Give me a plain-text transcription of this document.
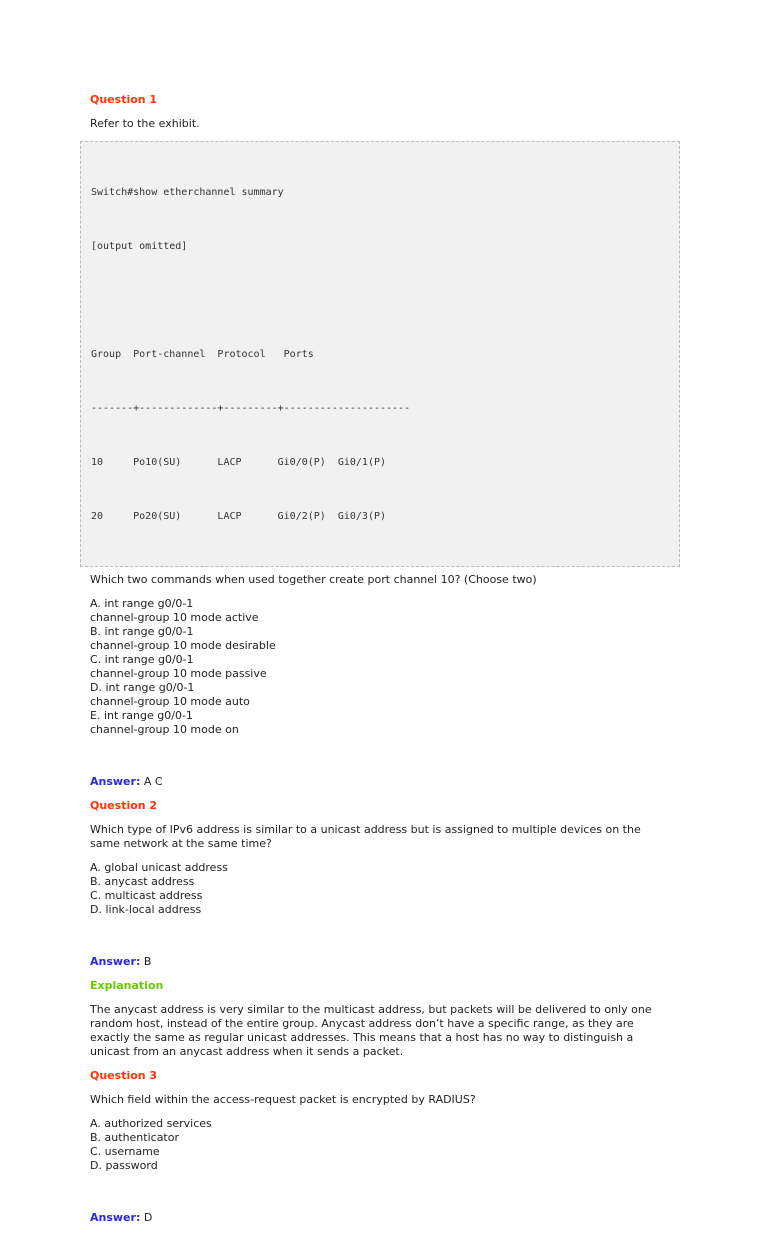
Question 1
Refer to the exhibit.

Switch#show etherchannel summary

[output omitted]

Group  Port-channel  Protocol   Ports

-------+-------------+---------+---------------------

10     Po10(SU)      LACP      Gi0/0(P)  Gi0/1(P)

20     Po20(SU)      LACP      Gi0/2(P)  Gi0/3(P)

Which two commands when used together create port channel 10? (Choose two)
A. int range g0/0-1
channel-group 10 mode active
B. int range g0/0-1
channel-group 10 mode desirable
C. int range g0/0-1
channel-group 10 mode passive
D. int range g0/0-1
channel-group 10 mode auto
E. int range g0/0-1
channel-group 10 mode on
Answer: A C
Question 2
Which type of IPv6 address is similar to a unicast address but is assigned to multiple devices on the
same network at the same time?
A. global unicast address
B. anycast address
C. multicast address
D. link-local address
Answer: B
Explanation
The anycast address is very similar to the multicast address, but packets will be delivered to only one
random host, instead of the entire group. Anycast address don’t have a specific range, as they are
exactly the same as regular unicast addresses. This means that a host has no way to distinguish a
unicast from an anycast address when it sends a packet.
Question 3
Which field within the access-request packet is encrypted by RADIUS?
A. authorized services
B. authenticator
C. username
D. password
Answer: D
